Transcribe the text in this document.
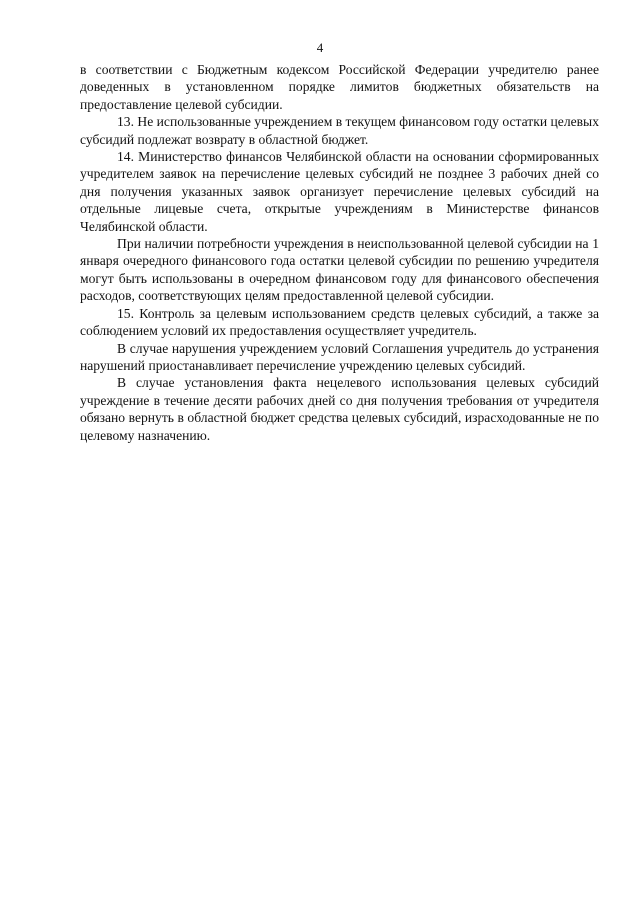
4

в соответствии с Бюджетным кодексом Российской Федерации учредителю ранее доведенных в установленном порядке лимитов бюджетных обязательств на предоставление целевой субсидии.

13. Не использованные учреждением в текущем финансовом году остатки целевых субсидий подлежат возврату в областной бюджет.

14. Министерство финансов Челябинской области на основании сформированных учредителем заявок на перечисление целевых субсидий не позднее 3 рабочих дней со дня получения указанных заявок организует перечисление целевых субсидий на отдельные лицевые счета, открытые учреждениям в Министерстве финансов Челябинской области.

При наличии потребности учреждения в неиспользованной целевой субсидии на 1 января очередного финансового года остатки целевой субсидии по решению учредителя могут быть использованы в очередном финансовом году для финансового обеспечения расходов, соответствующих целям предоставленной целевой субсидии.

15. Контроль за целевым использованием средств целевых субсидий, а также за соблюдением условий их предоставления осуществляет учредитель.

В случае нарушения учреждением условий Соглашения учредитель до устранения нарушений приостанавливает перечисление учреждению целевых субсидий.

В случае установления факта нецелевого использования целевых субсидий учреждение в течение десяти рабочих дней со дня получения требования от учредителя обязано вернуть в областной бюджет средства целевых субсидий, израсходованные не по целевому назначению.
